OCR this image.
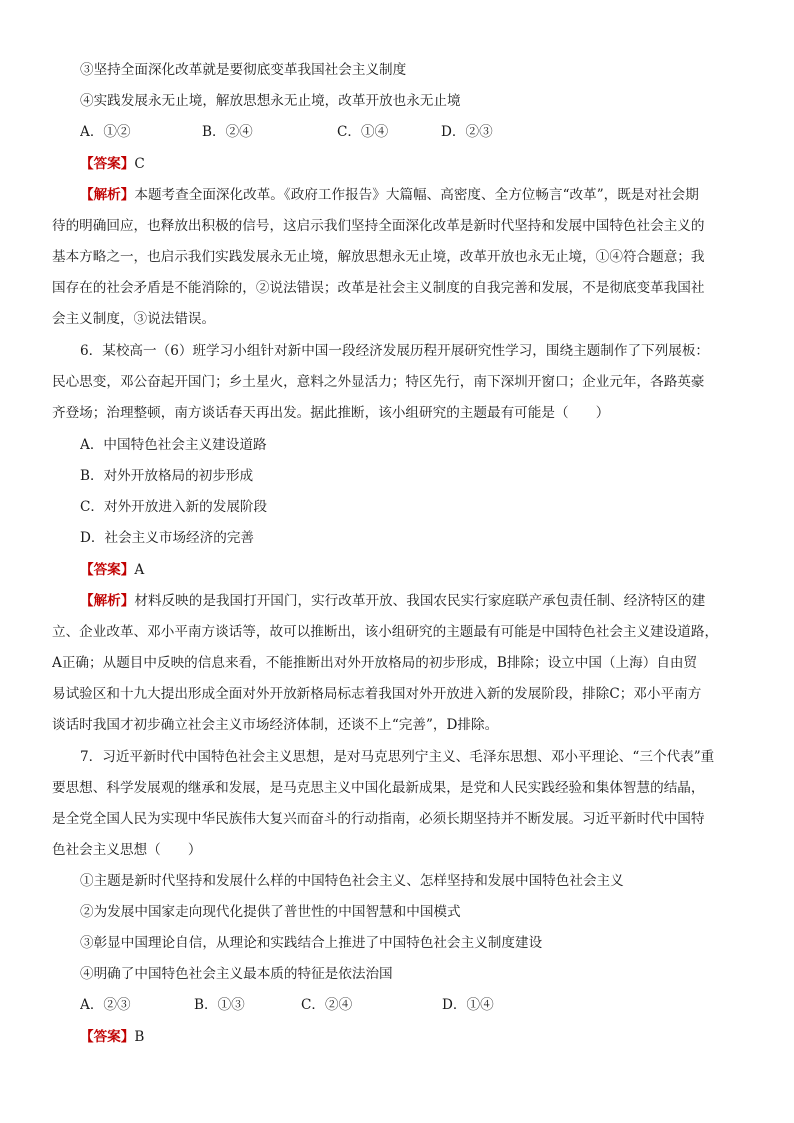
③坚持全面深化改革就是要彻底变革我国社会主义制度
④实践发展永无止境，解放思想永无止境，改革开放也永无止境
A．①②	B．②④	C．①④	D．②③
【答案】C
【解析】本题考查全面深化改革。《政府工作报告》大篇幅、高密度、全方位畅言“改革”，既是对社会期
待的明确回应，也释放出积极的信号，这启示我们坚持全面深化改革是新时代坚持和发展中国特色社会主义的
基本方略之一，也启示我们实践发展永无止境，解放思想永无止境，改革开放也永无止境，①④符合题意；我
国存在的社会矛盾是不能消除的，②说法错误；改革是社会主义制度的自我完善和发展，不是彻底变革我国社
会主义制度，③说法错误。
6．某校高一（6）班学习小组针对新中国一段经济发展历程开展研究性学习，围绕主题制作了下列展板：
民心思变，邓公奋起开国门；乡土星火，意料之外显活力；特区先行，南下深圳开窗口；企业元年，各路英豪
齐登场；治理整顿，南方谈话春天再出发。据此推断，该小组研究的主题最有可能是（　　）
A．中国特色社会主义建设道路
B．对外开放格局的初步形成
C．对外开放进入新的发展阶段
D．社会主义市场经济的完善
【答案】A
【解析】材料反映的是我国打开国门，实行改革开放、我国农民实行家庭联产承包责任制、经济特区的建
立、企业改革、邓小平南方谈话等，故可以推断出，该小组研究的主题最有可能是中国特色社会主义建设道路，
A正确；从题目中反映的信息来看，不能推断出对外开放格局的初步形成，B排除；设立中国（上海）自由贸
易试验区和十九大提出形成全面对外开放新格局标志着我国对外开放进入新的发展阶段，排除C；邓小平南方
谈话时我国才初步确立社会主义市场经济体制，还谈不上“完善”，D排除。
7．习近平新时代中国特色社会主义思想，是对马克思列宁主义、毛泽东思想、邓小平理论、“三个代表”重
要思想、科学发展观的继承和发展，是马克思主义中国化最新成果，是党和人民实践经验和集体智慧的结晶，
是全党全国人民为实现中华民族伟大复兴而奋斗的行动指南，必须长期坚持并不断发展。习近平新时代中国特
色社会主义思想（　　）
①主题是新时代坚持和发展什么样的中国特色社会主义、怎样坚持和发展中国特色社会主义
②为发展中国家走向现代化提供了普世性的中国智慧和中国模式
③彰显中国理论自信，从理论和实践结合上推进了中国特色社会主义制度建设
④明确了中国特色社会主义最本质的特征是依法治国
A．②③	B．①③	C．②④	D．①④
【答案】B
